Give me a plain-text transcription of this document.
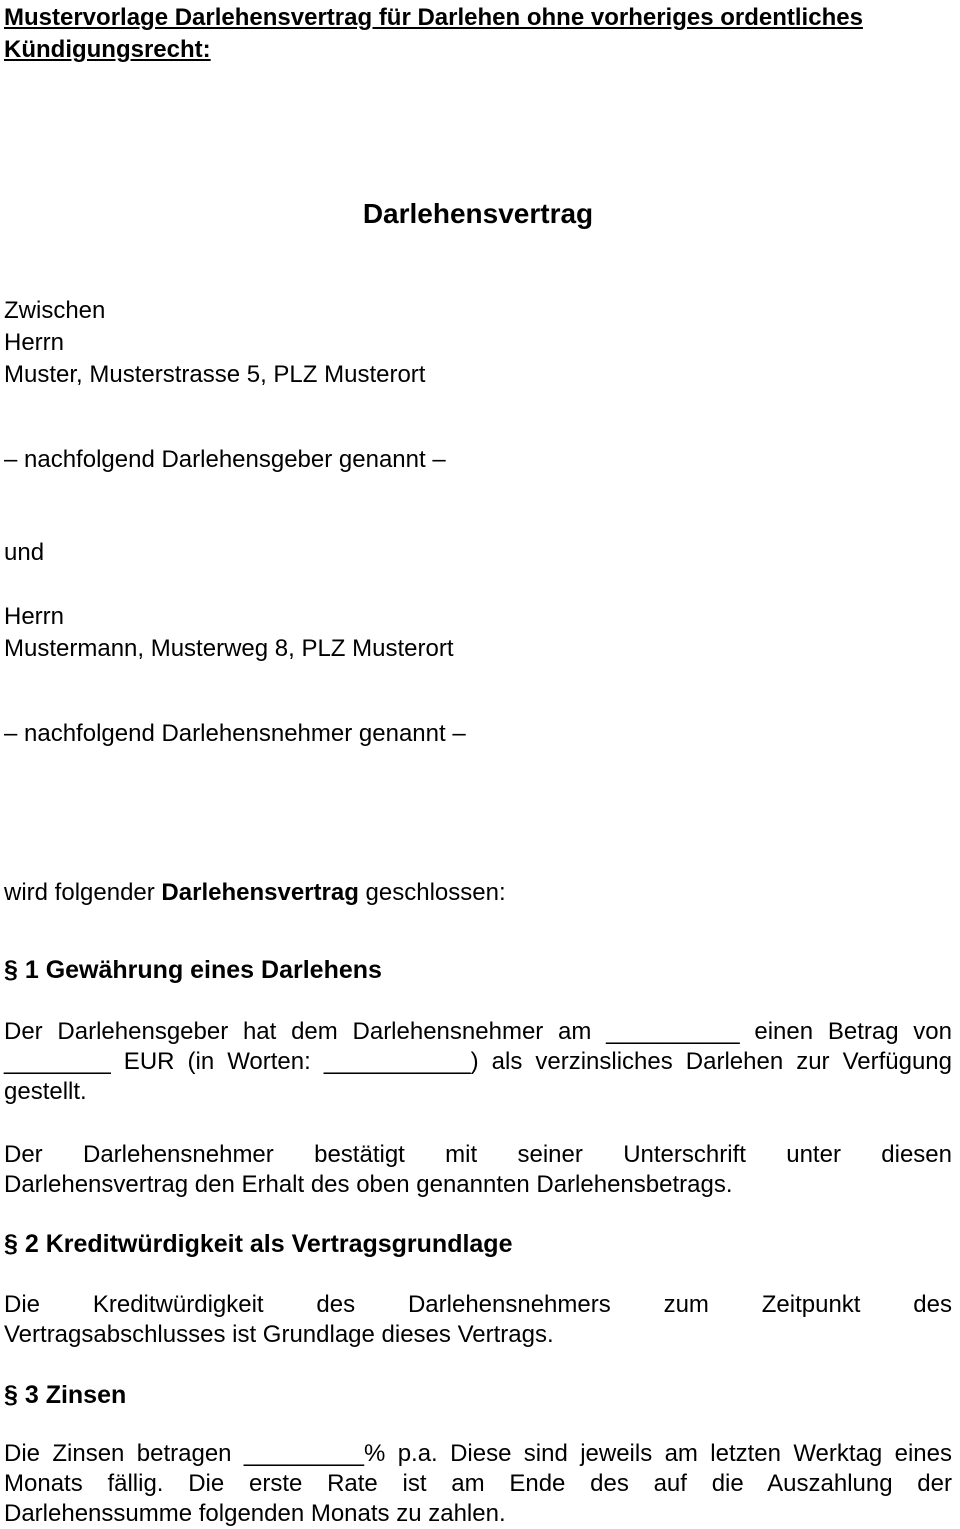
Mustervorlage Darlehensvertrag für Darlehen ohne vorheriges ordentliches
Kündigungsrecht:
Darlehensvertrag
Zwischen
Herrn
Muster, Musterstrasse 5, PLZ Musterort
– nachfolgend Darlehensgeber genannt –
und
Herrn
Mustermann, Musterweg 8, PLZ Musterort
– nachfolgend Darlehensnehmer genannt –
wird folgender Darlehensvertrag geschlossen:
§ 1 Gewährung eines Darlehens
Der Darlehensgeber hat dem Darlehensnehmer am __________ einen Betrag von
________ EUR (in Worten: ___________) als verzinsliches Darlehen zur Verfügung
gestellt.
Der Darlehensnehmer bestätigt mit seiner Unterschrift unter diesen
Darlehensvertrag den Erhalt des oben genannten Darlehensbetrags.
§ 2 Kreditwürdigkeit als Vertragsgrundlage
Die Kreditwürdigkeit des Darlehensnehmers zum Zeitpunkt des
Vertragsabschlusses ist Grundlage dieses Vertrags.
§ 3 Zinsen
Die Zinsen betragen _________% p.a. Diese sind jeweils am letzten Werktag eines
Monats fällig. Die erste Rate ist am Ende des auf die Auszahlung der
Darlehenssumme folgenden Monats zu zahlen.
